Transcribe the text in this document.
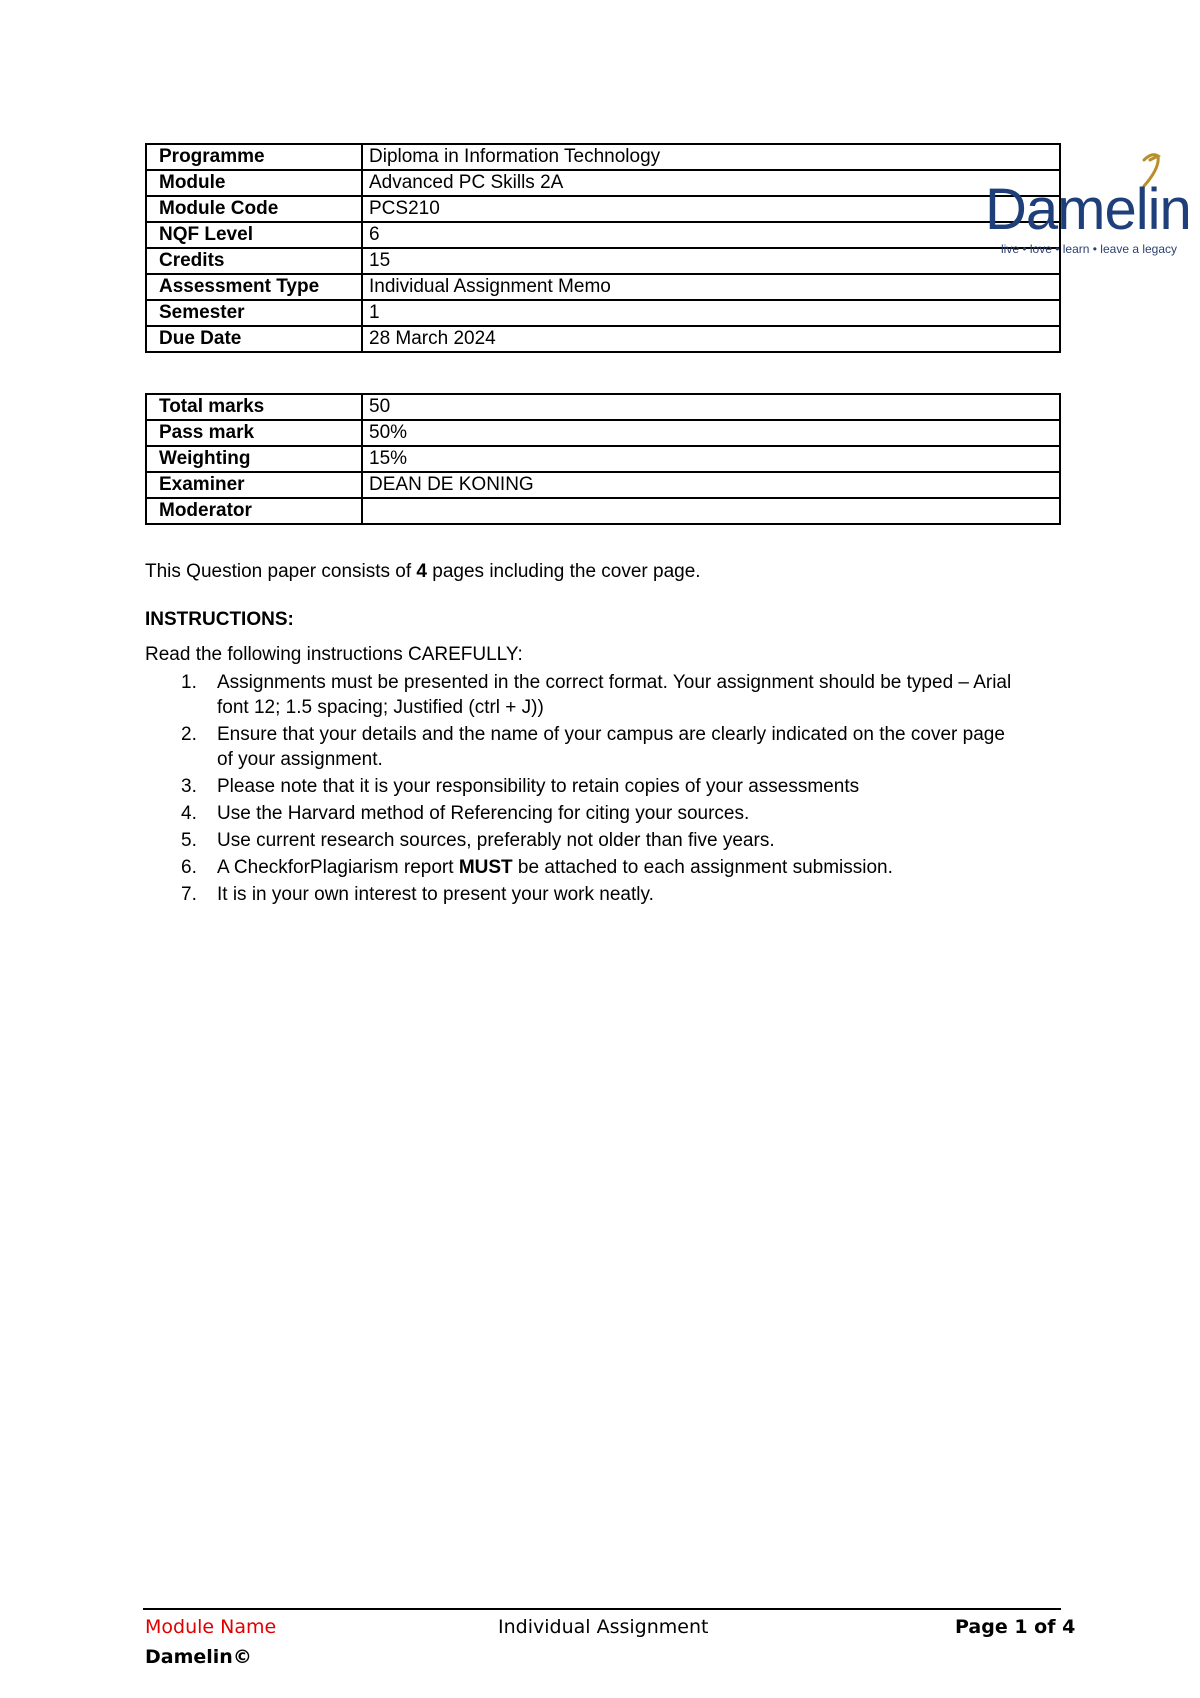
Programme	Diploma in Information Technology
Module	Advanced PC Skills 2A
Module Code	PCS210
NQF Level	6
Credits	15
Assessment Type	Individual Assignment Memo
Semester	1
Due Date	28 March 2024
Damelin
live • love • learn • leave a legacy
Total marks	50
Pass mark	50%
Weighting	15%
Examiner	DEAN DE KONING
Moderator	
This Question paper consists of 4 pages including the cover page.
INSTRUCTIONS:
Read the following instructions CAREFULLY:
1. Assignments must be presented in the correct format. Your assignment should be typed – Arial font 12; 1.5 spacing; Justified (ctrl + J))
2. Ensure that your details and the name of your campus are clearly indicated on the cover page of your assignment.
3. Please note that it is your responsibility to retain copies of your assessments
4. Use the Harvard method of Referencing for citing your sources.
5. Use current research sources, preferably not older than five years.
6. A CheckforPlagiarism report MUST be attached to each assignment submission.
7. It is in your own interest to present your work neatly.
Module Name	Individual Assignment	Page 1 of 4
Damelin©
